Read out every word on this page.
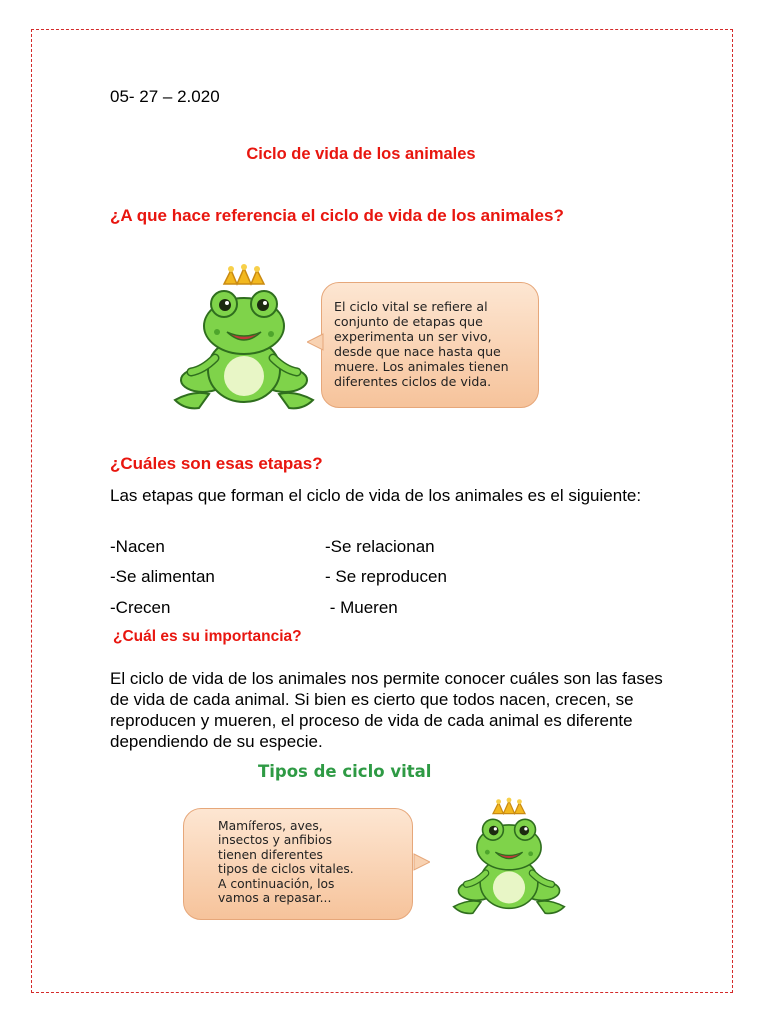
05- 27 – 2.020
Ciclo de vida de los animales
¿A que hace referencia el ciclo de vida de los animales?
El ciclo vital se refiere al
conjunto de etapas que
experimenta un ser vivo,
desde que nace hasta que
muere. Los animales tienen
diferentes ciclos de vida.
¿Cuáles son esas etapas?
Las etapas que forman el ciclo de vida de los animales es el siguiente:
-Nacen	-Se relacionan
-Se alimentan	- Se reproducen
-Crecen	- Mueren
¿Cuál es su importancia?
El ciclo de vida de los animales nos permite conocer cuáles son las fases de vida de cada animal. Si bien es cierto que todos nacen, crecen, se reproducen y mueren, el proceso de vida de cada animal es diferente dependiendo de su especie.
Tipos de ciclo vital
Mamíferos, aves,
insectos y anfibios
tienen diferentes
tipos de ciclos vitales.
A continuación, los
vamos a repasar...
